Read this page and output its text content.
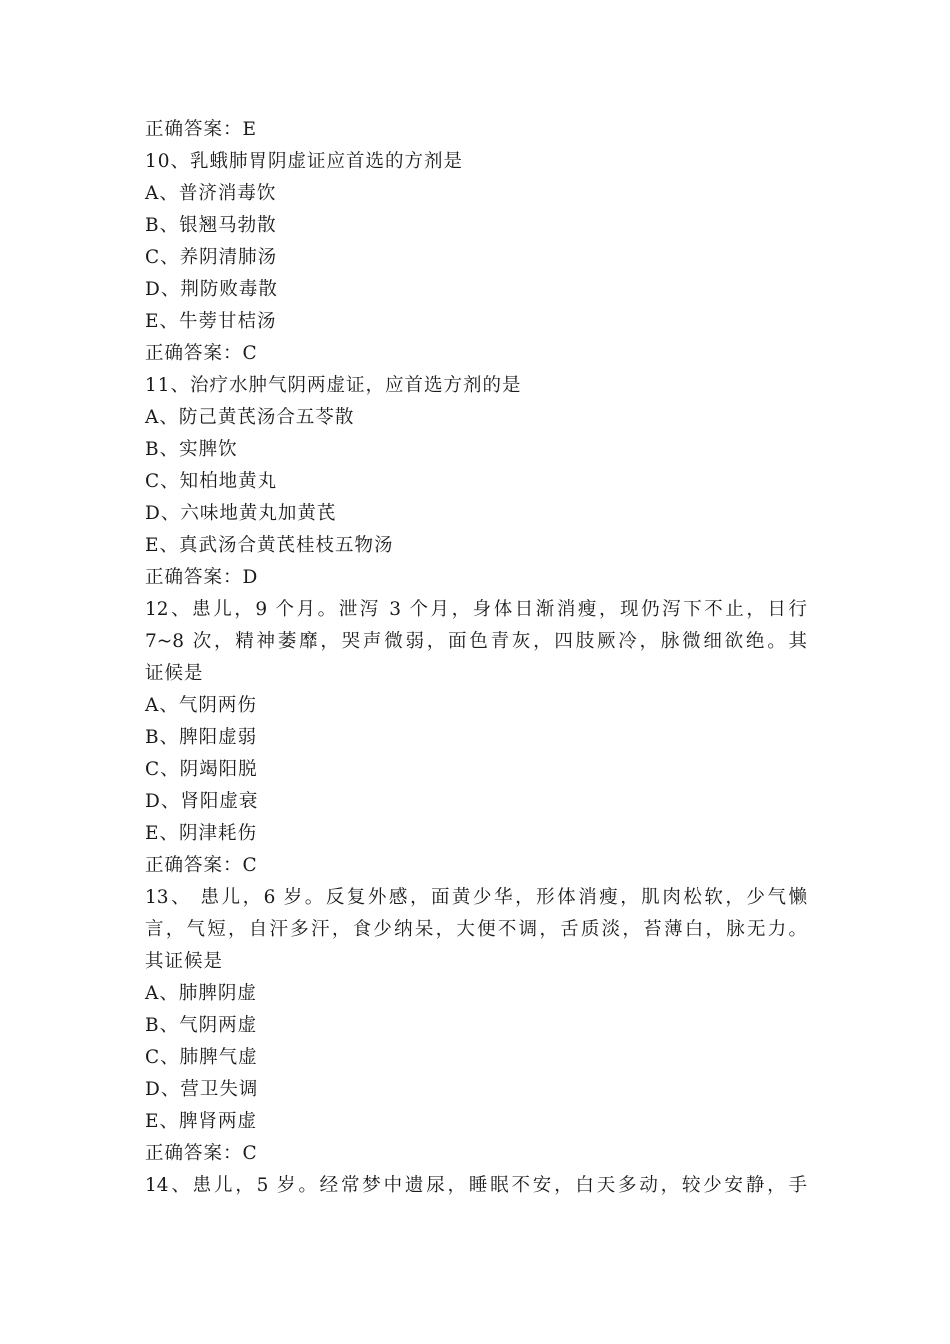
正确答案：E
10、乳蛾肺胃阴虚证应首选的方剂是
A、普济消毒饮
B、银翘马勃散
C、养阴清肺汤
D、荆防败毒散
E、牛蒡甘桔汤
正确答案：C
11、治疗水肿气阴两虚证，应首选方剂的是
A、防己黄芪汤合五苓散
B、实脾饮
C、知柏地黄丸
D、六味地黄丸加黄芪
E、真武汤合黄芪桂枝五物汤
正确答案：D
12、患儿，9 个月。泄泻 3 个月，身体日渐消瘦，现仍泻下不止，日行
7~8 次，精神萎靡，哭声微弱，面色青灰，四肢厥冷，脉微细欲绝。其
证候是
A、气阴两伤
B、脾阳虚弱
C、阴竭阳脱
D、肾阳虚衰
E、阴津耗伤
正确答案：C
13、 患儿，6 岁。反复外感，面黄少华，形体消瘦，肌肉松软，少气懒
言，气短，自汗多汗，食少纳呆，大便不调，舌质淡，苔薄白，脉无力。
其证候是
A、肺脾阴虚
B、气阴两虚
C、肺脾气虚
D、营卫失调
E、脾肾两虚
正确答案：C
14、患儿，5 岁。经常梦中遗尿，睡眠不安，白天多动，较少安静，手
